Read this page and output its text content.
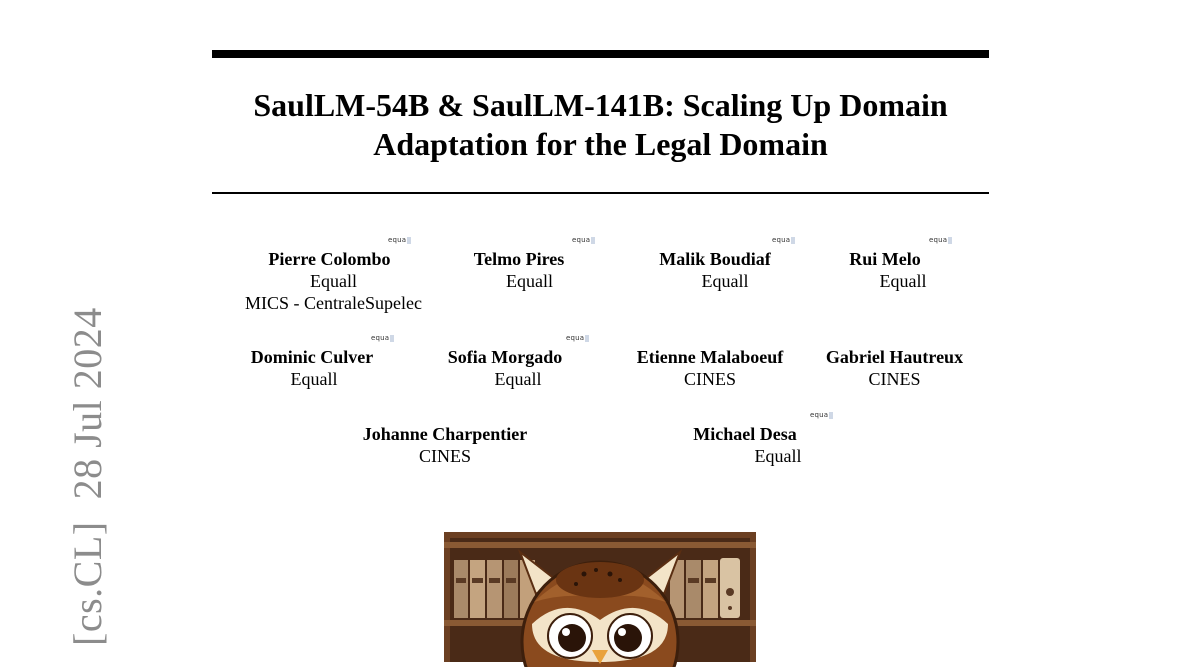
[cs.CL]28 Jul 2024
SaulLM-54B & SaulLM-141B: Scaling Up Domain
Adaptation for the Legal Domain
Pierre Colombo
Equall
MICS - CentraleSupelec
equa
Telmo Pires
Equall
equa
Malik Boudiaf
Equall
equa
Rui Melo
Equall
equa
Dominic Culver
Equall
equa
Sofia Morgado
Equall
equa
Etienne Malaboeuf
CINES
Gabriel Hautreux
CINES
Johanne Charpentier
CINES
Michael Desa
Equall
equa
